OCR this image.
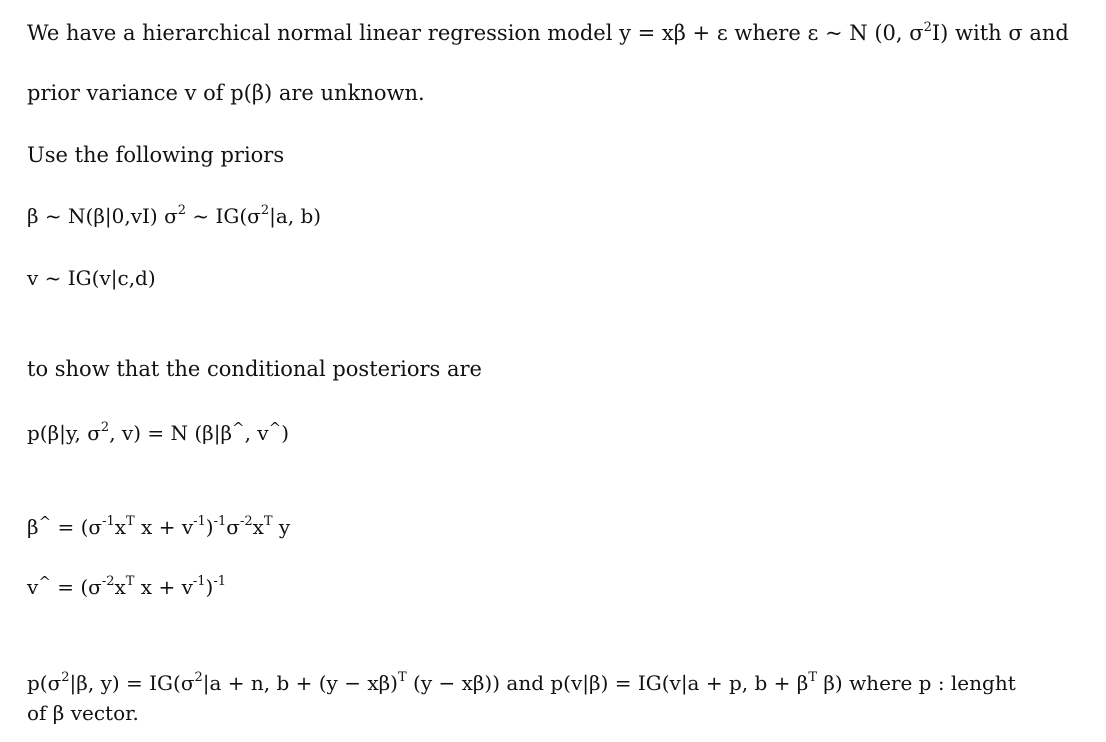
We have a hierarchical normal linear regression model y = xβ + ε where ε ~ N (0, $\sigma^2I$) with σ and
prior variance v of p(β) are unknown.
Use the following priors
β ~ N(β|0,vI) $\sigma^2$ ~ $IG(\sigma^2|a$, b)
v ~ IG(v|c,d)
to show that the conditional posteriors are
p(β|y, $\sigma^2$, v) = N (β|β^, v^)
$\beta^{\^{}} = (\sigma^{-1}x^T$ $x + v^{-1})^{-1}\sigma^{-2}x^T$ y
$v^{\^{}} = (\sigma^{-2}x^T$ $x + v^{-1})^{-1}$
$p(\sigma^2|\beta$, $y) = IG(\sigma^2|a + n$, $b + (y - x\beta)^T$ (y − xβ)) and p(v|β) = IG(v|a + p, $b + \beta^T$ β) where p : lenght
of β vector.
